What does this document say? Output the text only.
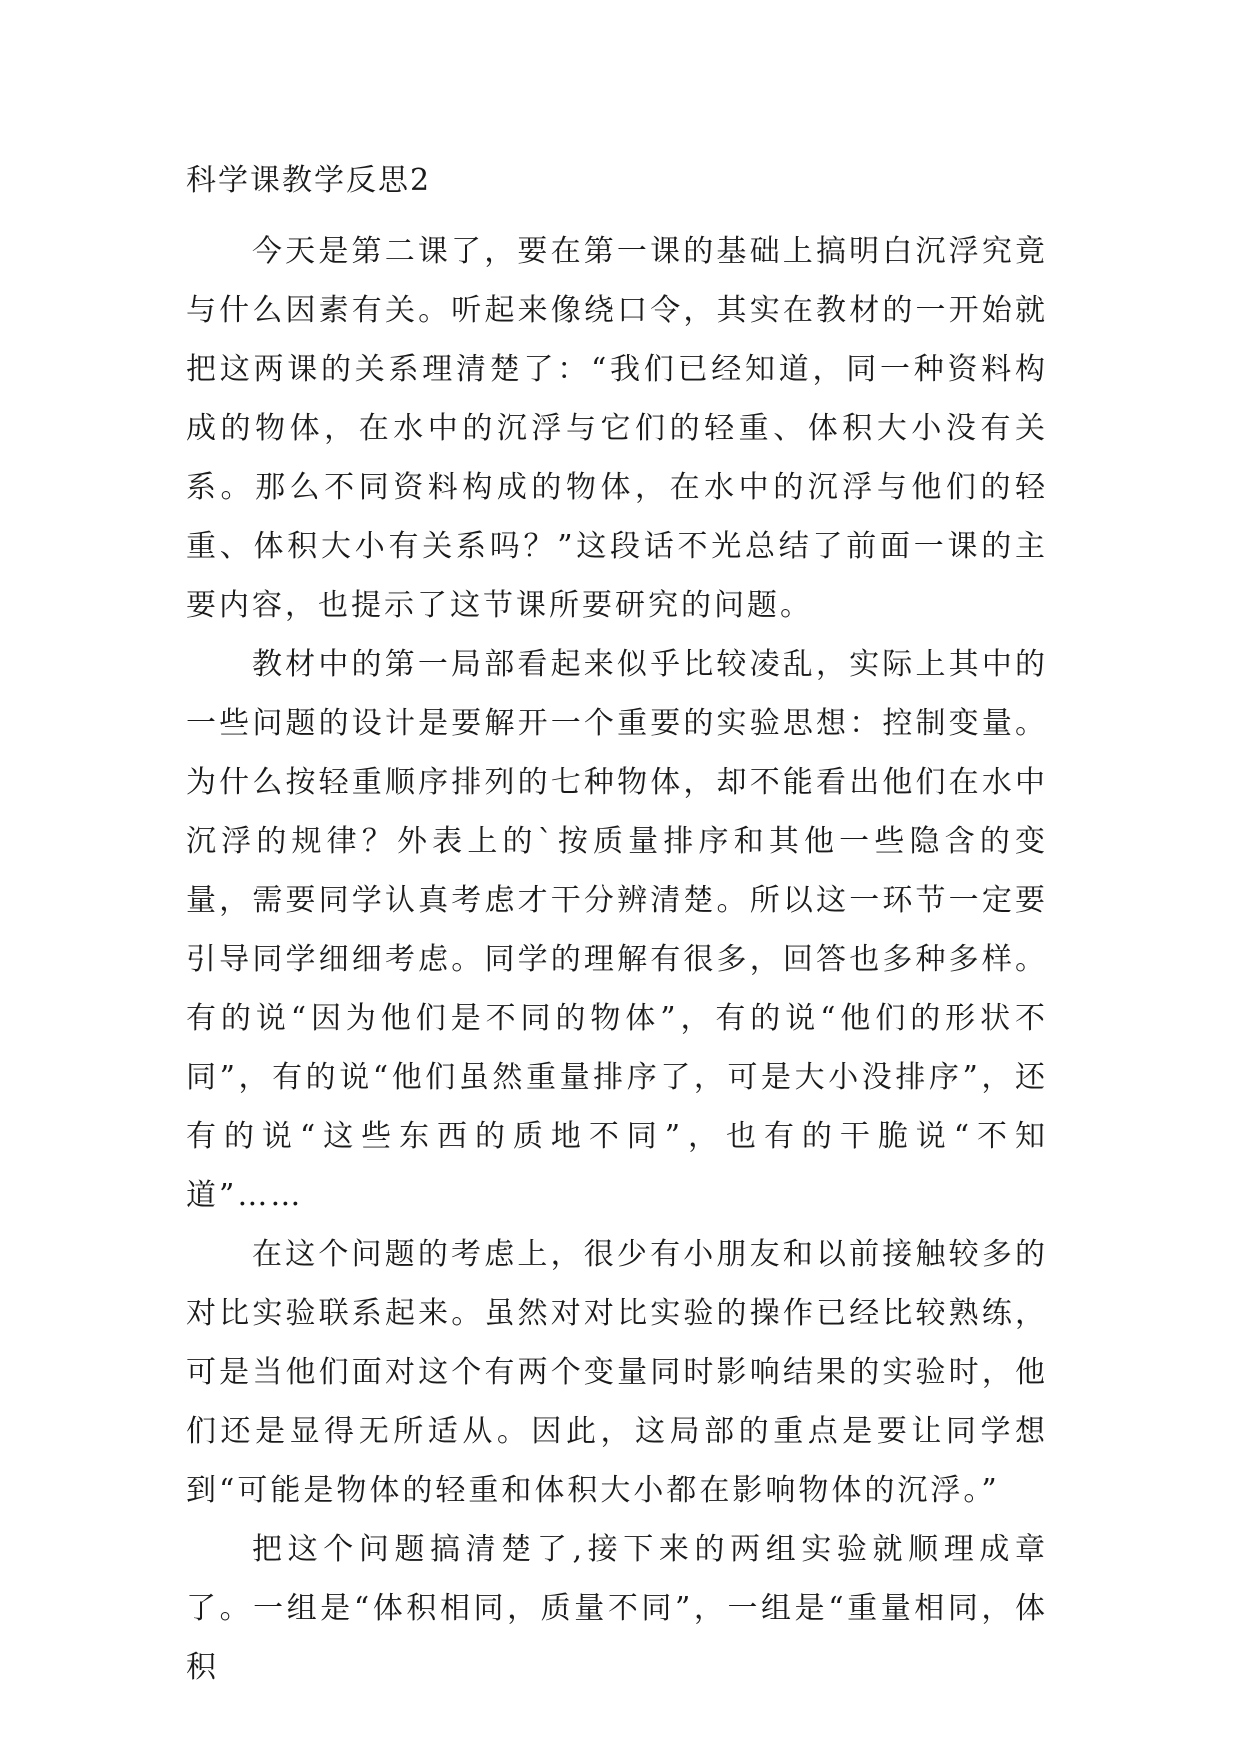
科学课教学反思2

今天是第二课了，要在第一课的基础上搞明白沉浮究竟与什么因素有关。听起来像绕口令，其实在教材的一开始就把这两课的关系理清楚了：“我们已经知道，同一种资料构成的物体，在水中的沉浮与它们的轻重、体积大小没有关系。那么不同资料构成的物体，在水中的沉浮与他们的轻重、体积大小有关系吗？”这段话不光总结了前面一课的主要内容，也提示了这节课所要研究的问题。

教材中的第一局部看起来似乎比较凌乱，实际上其中的一些问题的设计是要解开一个重要的实验思想：控制变量。为什么按轻重顺序排列的七种物体，却不能看出他们在水中沉浮的规律？外表上的`按质量排序和其他一些隐含的变量，需要同学认真考虑才干分辨清楚。所以这一环节一定要引导同学细细考虑。同学的理解有很多，回答也多种多样。有的说“因为他们是不同的物体”，有的说“他们的形状不同”，有的说“他们虽然重量排序了，可是大小没排序”，还有的说“这些东西的质地不同”，也有的干脆说“不知道”……

在这个问题的考虑上，很少有小朋友和以前接触较多的对比实验联系起来。虽然对对比实验的操作已经比较熟练，可是当他们面对这个有两个变量同时影响结果的实验时，他们还是显得无所适从。因此，这局部的重点是要让同学想到“可能是物体的轻重和体积大小都在影响物体的沉浮。”

把这个问题搞清楚了,接下来的两组实验就顺理成章了。一组是“体积相同，质量不同”，一组是“重量相同，体积
